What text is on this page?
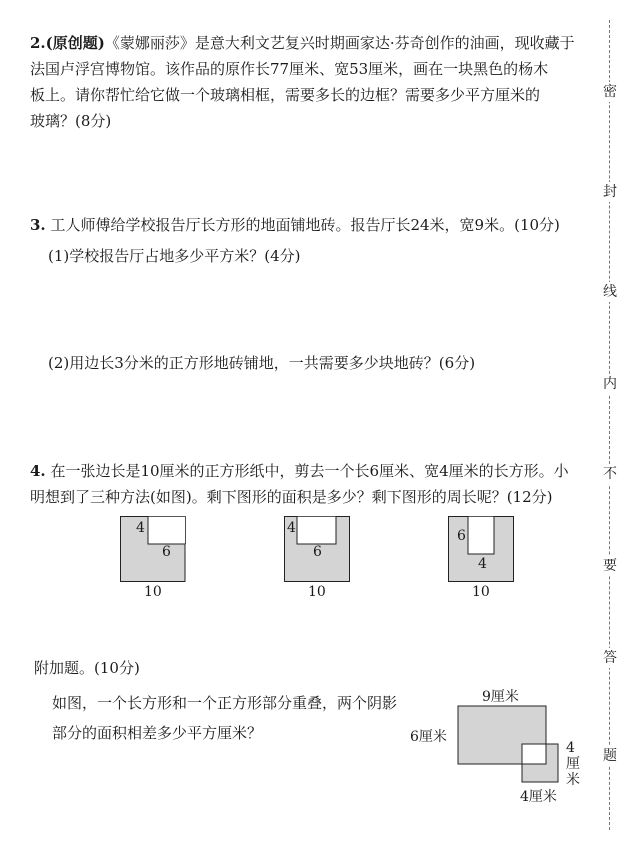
2.(原创题)《蒙娜丽莎》是意大利文艺复兴时期画家达·芬奇创作的油画，现收藏于

法国卢浮宫博物馆。该作品的原作长77厘米、宽53厘米，画在一块黑色的杨木

板上。请你帮忙给它做一个玻璃相框，需要多长的边框？需要多少平方厘米的

玻璃？(8分)

3. 工人师傅给学校报告厅长方形的地面铺地砖。报告厅长24米，宽9米。(10分)

(1)学校报告厅占地多少平方米？(4分)
(2)用边长3分米的正方形地砖铺地，一共需要多少块地砖？(6分)

4. 在一张边长是10厘米的正方形纸中，剪去一个长6厘米、宽4厘米的长方形。小

明想到了三种方法(如图)。剩下图形的面积是多少？剩下图形的周长呢？(12分)

4
6
10
4
6
10
6
4
10

附加题。(10分)

如图，一个长方形和一个正方形部分重叠，两个阴影

部分的面积相差多少平方厘米？

9厘米
6厘米
4厘米
4厘米
密
封
线
内
不
要
答
题
